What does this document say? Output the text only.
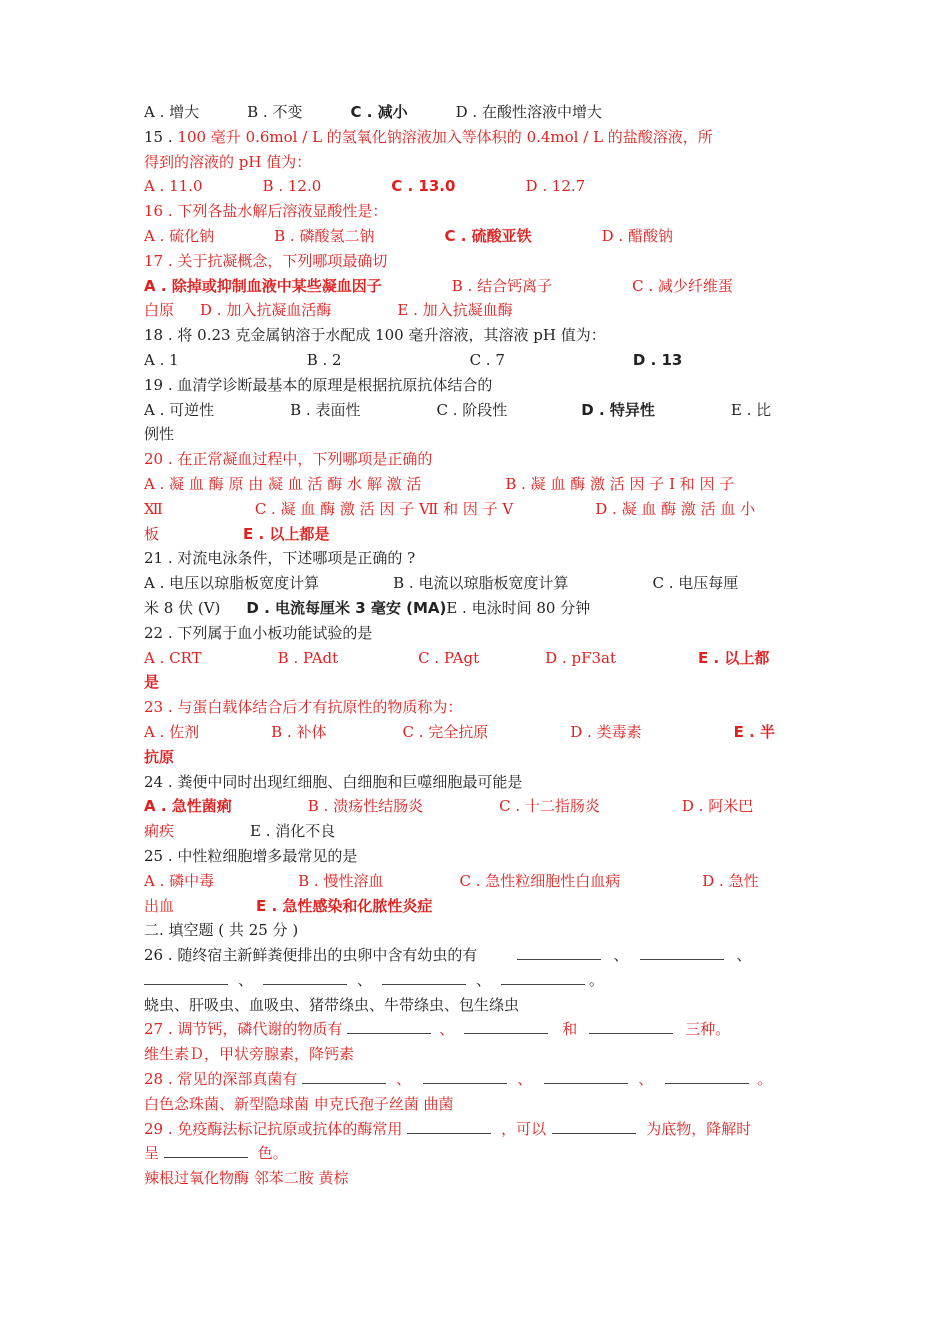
A . 增大	B . 不变	C . 减小	D . 在酸性溶液中增大
15 . 100 毫升 0.6mol / L 的氢氧化钠溶液加入等体积的 0.4mol / L 的盐酸溶液，所
得到的溶液的 pH 值为：
A . 11.0	B . 12.0	C . 13.0	D . 12.7
16 . 下列各盐水解后溶液显酸性是：
A . 硫化钠	B . 磷酸氢二钠	C . 硫酸亚铁	D . 醋酸钠
17 . 关于抗凝概念，下列哪项最确切
A . 除掉或抑制血液中某些凝血因子	B . 结合钙离子	C . 减少纤维蛋
白原 D . 加入抗凝血活酶	E . 加入抗凝血酶
18 . 将 0.23 克金属钠溶于水配成 100 毫升溶液，其溶液 pH 值为：
A . 1	B . 2	C . 7	D . 13
19 . 血清学诊断最基本的原理是根据抗原抗体结合的
A . 可逆性	B . 表面性	C . 阶段性	D . 特异性	E . 比
例性
20 . 在正常凝血过程中，下列哪项是正确的
A . 凝 血 酶 原 由 凝 血 活 酶 水 解 激 活	B . 凝 血 酶 激 活 因 子 Ⅰ 和 因 子
Ⅻ	C . 凝 血 酶 激 活 因 子 Ⅶ 和 因 子 Ⅴ	D . 凝 血 酶 激 活 血 小
板	E . 以上都是
21 . 对流电泳条件，下述哪项是正确的 ?
A . 电压以琼脂板宽度计算	B . 电流以琼脂板宽度计算	C . 电压每厘
米 8 伏 (V) D . 电流每厘米 3 毫安 (MA)E . 电泳时间 80 分钟
22 . 下列属于血小板功能试验的是
A . CRT	B . PAdt	C . PAgt	D . pF3at	E . 以上都
是
23 . 与蛋白载体结合后才有抗原性的物质称为：
A . 佐剂	B . 补体	C . 完全抗原	D . 类毒素	E . 半
抗原
24 . 粪便中同时出现红细胞、白细胞和巨噬细胞最可能是
A . 急性菌痢	B . 溃疡性结肠炎	C . 十二指肠炎	D . 阿米巴
痢疾	E . 消化不良
25 . 中性粒细胞增多最常见的是
A . 磷中毒	B . 慢性溶血	C . 急性粒细胞性白血病	D . 急性
出血	E . 急性感染和化脓性炎症
二. 填空题 ( 共 25 分 )
26 . 随终宿主新鲜粪便排出的虫卵中含有幼虫的有	、	、
、	、	、	。
蛲虫、肝吸虫、血吸虫、猪带绦虫、牛带绦虫、包生绦虫
27 . 调节钙，磷代谢的物质有	、	和	三种。
维生素Ｄ，甲状旁腺素，降钙素
28 . 常见的深部真菌有	、	、	、	。
白色念珠菌、新型隐球菌 申克氏孢子丝菌 曲菌
29 . 免疫酶法标记抗原或抗体的酶常用	，可以	为底物，降解时
呈	色。
辣根过氧化物酶 邻苯二胺 黄棕
